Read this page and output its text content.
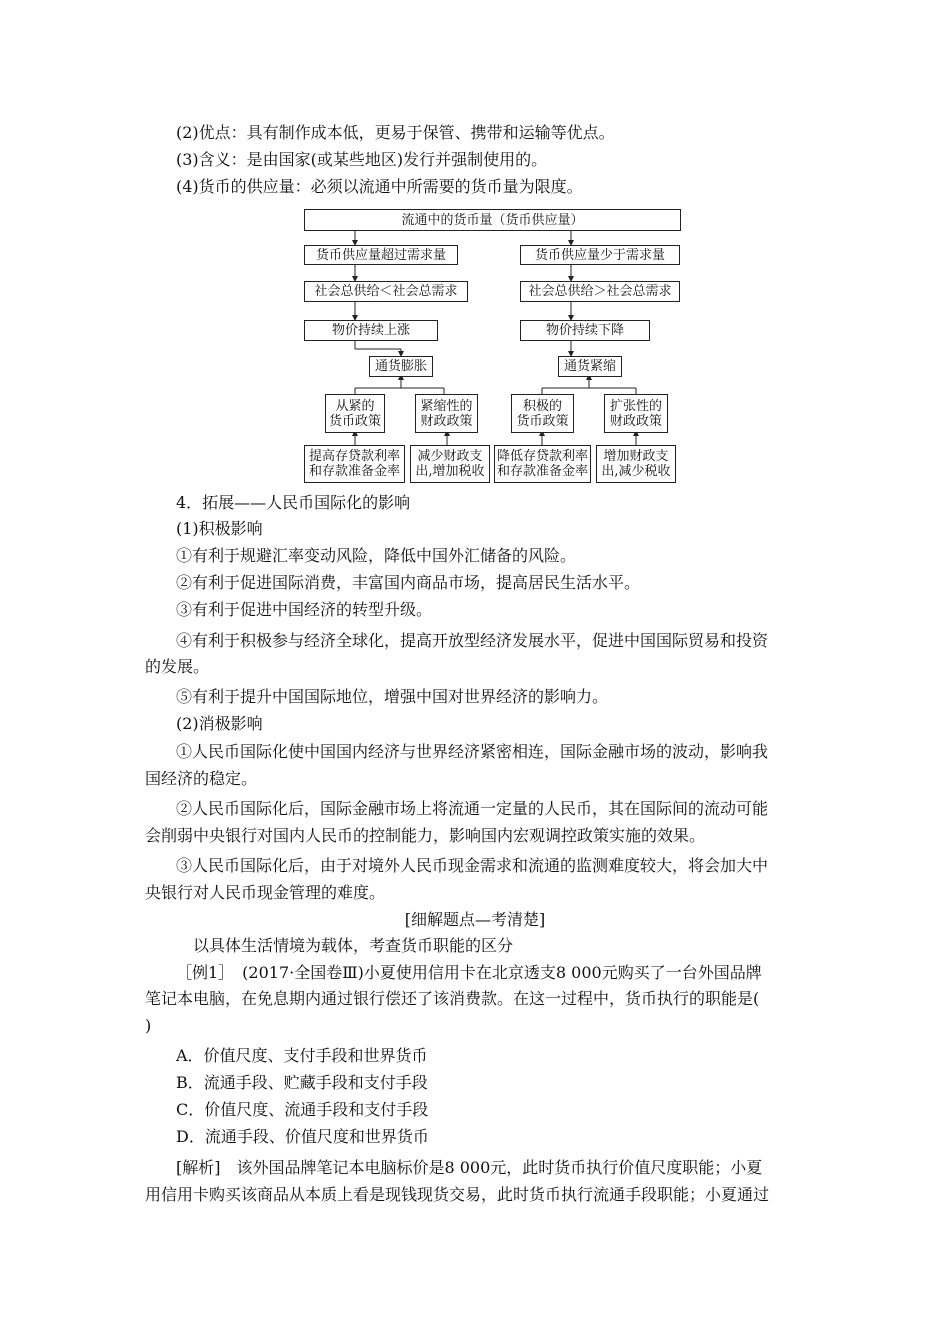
(2)优点：具有制作成本低，更易于保管、携带和运输等优点。
(3)含义：是由国家(或某些地区)发行并强制使用的。
(4)货币的供应量：必须以流通中所需要的货币量为限度。
流通中的货币量（货币供应量）
货币供应量超过需求量	货币供应量少于需求量
社会总供给＜社会总需求	社会总供给＞社会总需求
物价持续上涨	物价持续下降
通货膨胀	通货紧缩
从紧的
货币政策
紧缩性的
财政政策
积极的
货币政策
扩张性的
财政政策
提高存贷款利率
和存款准备金率
减少财政支
出,增加税收
降低存贷款利率
和存款准备金率
增加财政支
出,减少税收
4．拓展——人民币国际化的影响
(1)积极影响
①有利于规避汇率变动风险，降低中国外汇储备的风险。
②有利于促进国际消费，丰富国内商品市场，提高居民生活水平。
③有利于促进中国经济的转型升级。
④有利于积极参与经济全球化，提高开放型经济发展水平，促进中国国际贸易和投资
的发展。
⑤有利于提升中国国际地位，增强中国对世界经济的影响力。
(2)消极影响
①人民币国际化使中国国内经济与世界经济紧密相连，国际金融市场的波动，影响我
国经济的稳定。
②人民币国际化后，国际金融市场上将流通一定量的人民币，其在国际间的流动可能
会削弱中央银行对国内人民币的控制能力，影响国内宏观调控政策实施的效果。
③人民币国际化后，由于对境外人民币现金需求和流通的监测难度较大，将会加大中
央银行对人民币现金管理的难度。
[细解题点—考清楚]
以具体生活情境为载体，考查货币职能的区分
［例1］　(2017·全国卷Ⅲ)小夏使用信用卡在北京透支8 000元购买了一台外国品牌
笔记本电脑，在免息期内通过银行偿还了该消费款。在这一过程中，货币执行的职能是(
)
A．价值尺度、支付手段和世界货币
B．流通手段、贮藏手段和支付手段
C．价值尺度、流通手段和支付手段
D．流通手段、价值尺度和世界货币
[解析]　该外国品牌笔记本电脑标价是8 000元，此时货币执行价值尺度职能；小夏
用信用卡购买该商品从本质上看是现钱现货交易，此时货币执行流通手段职能；小夏通过
